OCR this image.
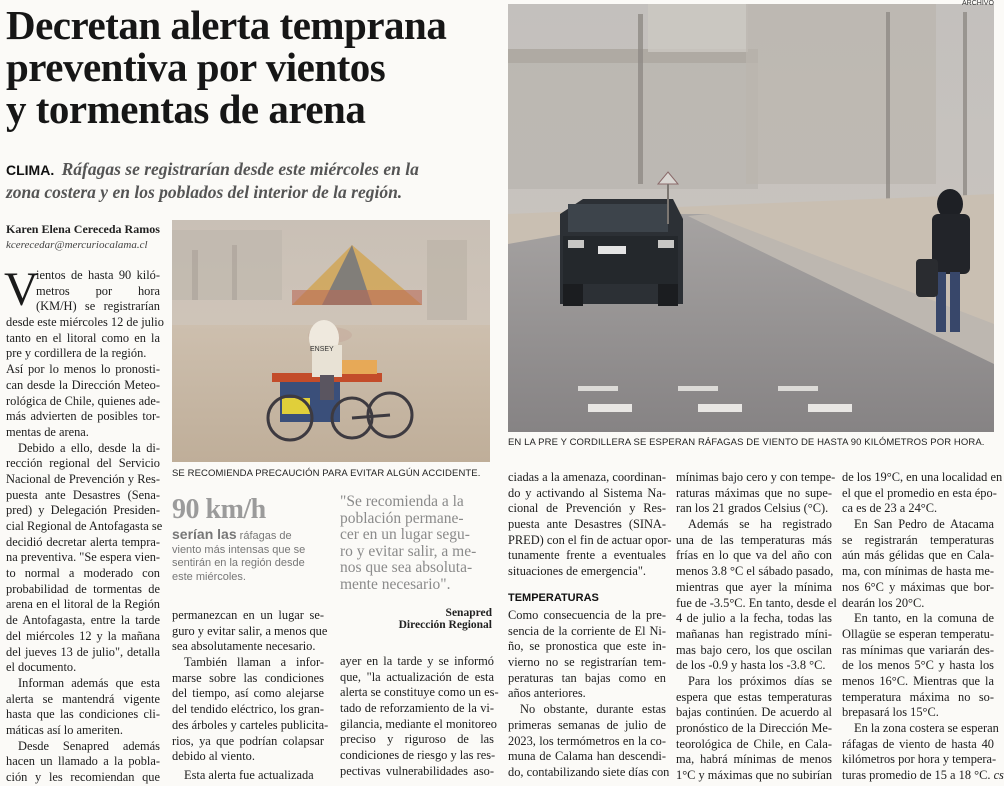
Decretan alerta temprana
preventiva por vientos
y tormentas de arena
CLIMA. Ráfagas se registrarían desde este miércoles en la
zona costera y en los poblados del interior de la región.
Karen Elena Cereceda Ramos
kcerecedar@mercuriocalama.cl
V
ientos de hasta 90 kiló-
metros por hora
(KM/H) se registrarían
desde este miércoles 12 de julio
tanto en el litoral como en la
pre y cordillera de la región.
Así por lo menos lo pronosti-
can desde la Dirección Meteo-
rológica de Chile, quienes ade-
más advierten de posibles tor-
mentas de arena.
Debido a ello, desde la di-
rección regional del Servicio
Nacional de Prevención y Res-
puesta ante Desastres (Sena-
pred) y Delegación Presiden-
cial Regional de Antofagasta se
decidió decretar alerta tempra-
na preventiva. "Se espera vien-
to normal a moderado con
probabilidad de tormentas de
arena en el litoral de la Región
de Antofagasta, entre la tarde
del miércoles 12 y la mañana
del jueves 13 de julio", detalla
el documento.
Informan además que esta
alerta se mantendrá vigente
hasta que las condiciones cli-
máticas así lo ameriten.
Desde Senapred además
hacen un llamado a la pobla-
ción y les recomiendan que
ENSEY
SE RECOMIENDA PRECAUCIÓN PARA EVITAR ALGÚN ACCIDENTE.
ARCHIVO
EN LA PRE Y CORDILLERA SE ESPERAN RÁFAGAS DE VIENTO DE HASTA 90 KILÓMETROS POR HORA.
90 km/h
serían las ráfagas de
viento más intensas que se
sentirán en la región desde
este miércoles.
"Se recomienda a la
población permane-
cer en un lugar segu-
ro y evitar salir, a me-
nos que sea absoluta-
mente necesario".
Senapred
Dirección Regional
permanezcan en un lugar se-
guro y evitar salir, a menos que
sea absolutamente necesario.
También llaman a infor-
marse sobre las condiciones
del tiempo, así como alejarse
del tendido eléctrico, los gran-
des árboles y carteles publicita-
rios, ya que podrían colapsar
debido al viento.
Esta alerta fue actualizada
ayer en la tarde y se informó
que, "la actualización de esta
alerta se constituye como un es-
tado de reforzamiento de la vi-
gilancia, mediante el monitoreo
preciso y riguroso de las
condiciones de riesgo y las res-
pectivas vulnerabilidades aso-
ciadas a la amenaza, coordinan-
do y activando al Sistema Na-
cional de Prevención y Res-
puesta ante Desastres (SINA-
PRED) con el fin de actuar opor-
tunamente frente a eventuales
situaciones de emergencia".
TEMPERATURAS
Como consecuencia de la pre-
sencia de la corriente de El Ni-
ño, se pronostica que este in-
vierno no se registrarían tem-
peraturas tan bajas como en
años anteriores.
No obstante, durante estas
primeras semanas de julio de
2023, los termómetros en la co-
muna de Calama han descendi-
do, contabilizando siete días con
mínimas bajo cero y con tempe-
raturas máximas que no supe-
ran los 21 grados Celsius (°C).
Además se ha registrado
una de las temperaturas más
frías en lo que va del año con
menos 3.8 °C el sábado pasado,
mientras que ayer la mínima
fue de -3.5°C. En tanto, desde el
4 de julio a la fecha, todas las
mañanas han registrado míni-
mas bajo cero, los que oscilan
de los -0.9 y hasta los -3.8 °C.
Para los próximos días se
espera que estas temperaturas
bajas continúen. De acuerdo al
pronóstico de la Dirección Me-
teorológica de Chile, en Cala-
ma, habrá mínimas de menos
1°C y máximas que no subirían
de los 19°C, en una localidad en
el que el promedio en esta épo-
ca es de 23 a 24°C.
En San Pedro de Atacama
se registrarán temperaturas
aún más gélidas que en Cala-
ma, con mínimas de hasta me-
nos 6°C y máximas que bor-
dearán los 20°C.
En tanto, en la comuna de
Ollagüe se esperan temperatu-
ras mínimas que variarán des-
de los menos 5°C y hasta los
menos 16°C. Mientras que la
temperatura máxima no so-
brepasará los 15°C.
En la zona costera se esperan
ráfagas de viento de hasta 40
kilómetros por hora y tempera-
turas promedio de 15 a 18 °C. cs
